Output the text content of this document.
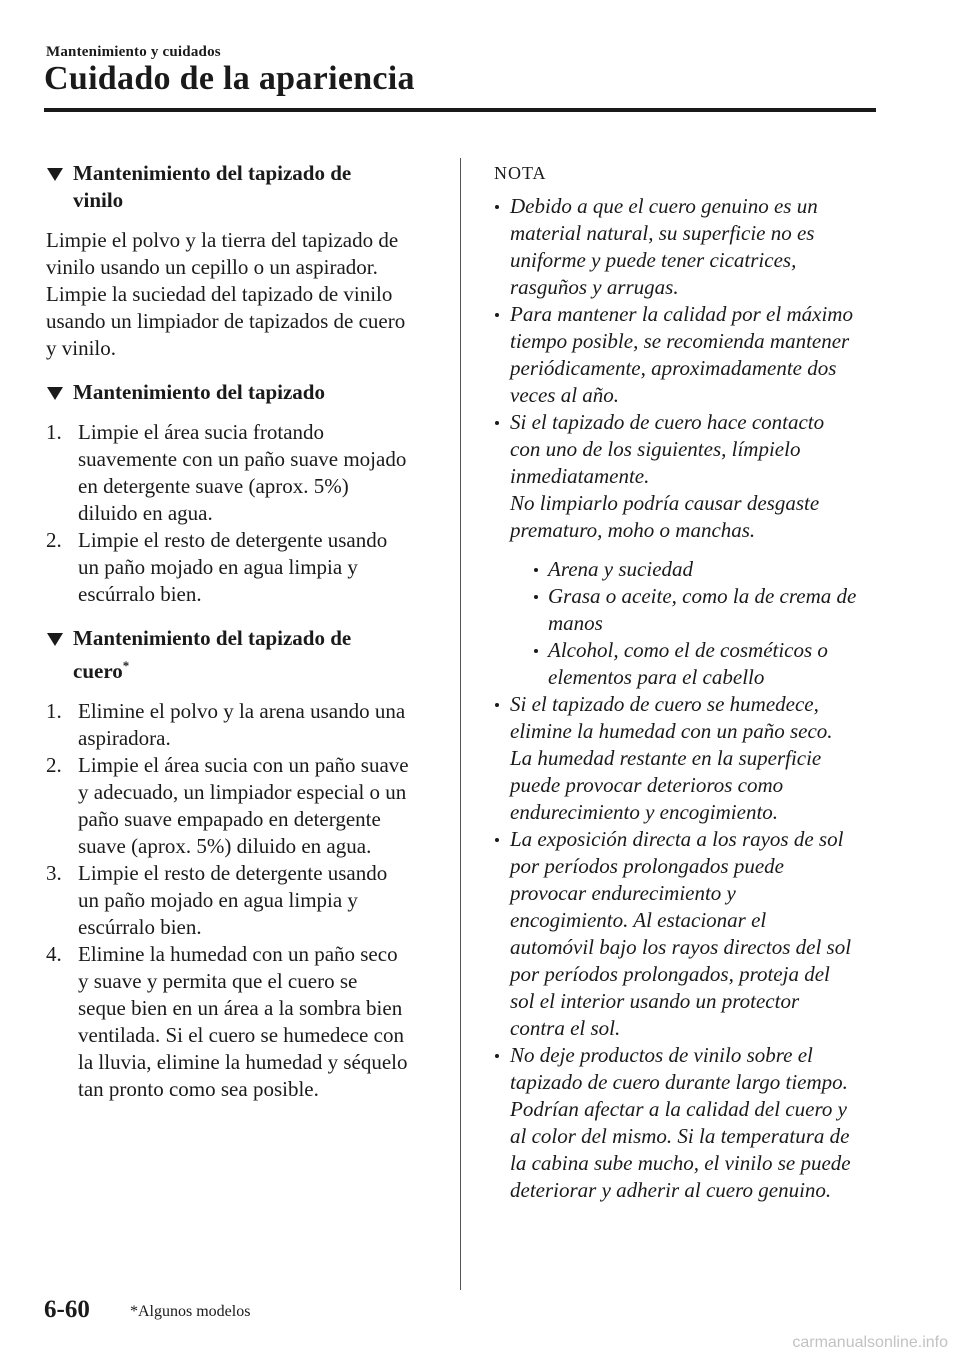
Mantenimiento y cuidados
Cuidado de la apariencia
Mantenimiento del tapizado de
vinilo

Limpie el polvo y la tierra del tapizado de
vinilo usando un cepillo o un aspirador.
Limpie la suciedad del tapizado de vinilo
usando un limpiador de tapizados de cuero
y vinilo.

Mantenimiento del tapizado
1. Limpie el área sucia frotando
suavemente con un paño suave mojado
en detergente suave (aprox. 5%)
diluido en agua.
2. Limpie el resto de detergente usando
un paño mojado en agua limpia y
escúrralo bien.
Mantenimiento del tapizado de
cuero*
1. Elimine el polvo y la arena usando una
aspiradora.
2. Limpie el área sucia con un paño suave
y adecuado, un limpiador especial o un
paño suave empapado en detergente
suave (aprox. 5%) diluido en agua.
3. Limpie el resto de detergente usando
un paño mojado en agua limpia y
escúrralo bien.
4. Elimine la humedad con un paño seco
y suave y permita que el cuero se
seque bien en un área a la sombra bien
ventilada. Si el cuero se humedece con
la lluvia, elimine la humedad y séquelo
tan pronto como sea posible.
NOTA
Debido a que el cuero genuino es un
material natural, su superficie no es
uniforme y puede tener cicatrices,
rasguños y arrugas.
Para mantener la calidad por el máximo
tiempo posible, se recomienda mantener
periódicamente, aproximadamente dos
veces al año.
Si el tapizado de cuero hace contacto
con uno de los siguientes, límpielo
inmediatamente.
No limpiarlo podría causar desgaste
prematuro, moho o manchas.
Arena y suciedad
Grasa o aceite, como la de crema de
manos
Alcohol, como el de cosméticos o
elementos para el cabello
Si el tapizado de cuero se humedece,
elimine la humedad con un paño seco.
La humedad restante en la superficie
puede provocar deterioros como
endurecimiento y encogimiento.
La exposición directa a los rayos de sol
por períodos prolongados puede
provocar endurecimiento y
encogimiento. Al estacionar el
automóvil bajo los rayos directos del sol
por períodos prolongados, proteja del
sol el interior usando un protector
contra el sol.
No deje productos de vinilo sobre el
tapizado de cuero durante largo tiempo.
Podrían afectar a la calidad del cuero y
al color del mismo. Si la temperatura de
la cabina sube mucho, el vinilo se puede
deteriorar y adherir al cuero genuino.
6-60	*Algunos modelos
carmanualsonline.info
